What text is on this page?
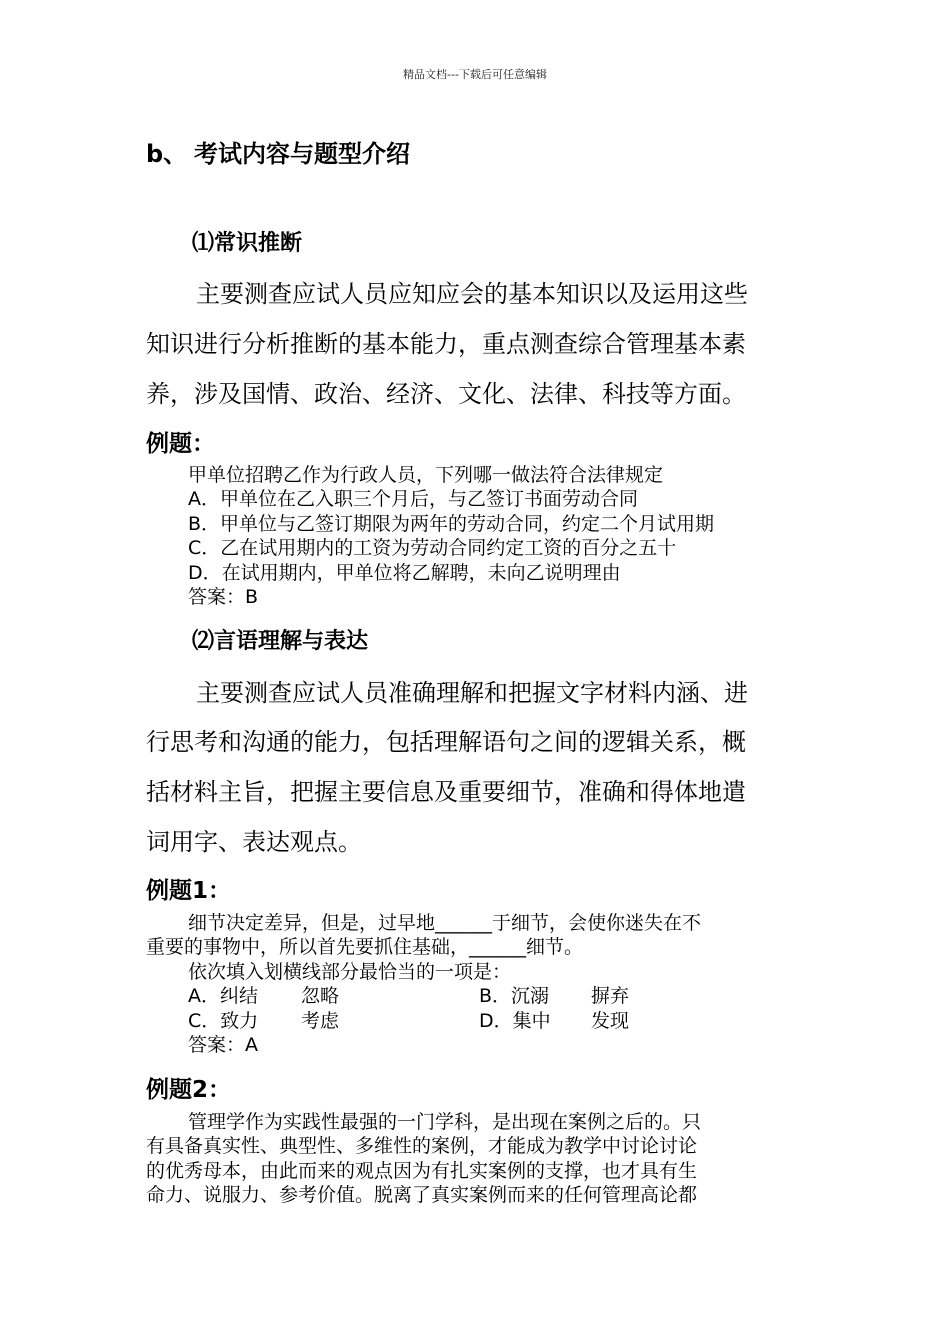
精品文档---下载后可任意编辑
b、 考试内容与题型介绍
⑴常识推断
主要测查应试人员应知应会的基本知识以及运用这些
知识进行分析推断的基本能力，重点测查综合管理基本素
养，涉及国情、政治、经济、文化、法律、科技等方面。
例题：
甲单位招聘乙作为行政人员，下列哪一做法符合法律规定
A．甲单位在乙入职三个月后，与乙签订书面劳动合同
B．甲单位与乙签订期限为两年的劳动合同，约定二个月试用期
C．乙在试用期内的工资为劳动合同约定工资的百分之五十
D．在试用期内，甲单位将乙解聘，未向乙说明理由
答案：B
⑵言语理解与表达
主要测查应试人员准确理解和把握文字材料内涵、进
行思考和沟通的能力，包括理解语句之间的逻辑关系，概
括材料主旨，把握主要信息及重要细节，准确和得体地遣
词用字、表达观点。
例题1：
细节决定差异，但是，过早地______于细节，会使你迷失在不
重要的事物中，所以首先要抓住基础，______细节。
依次填入划横线部分最恰当的一项是：
A．纠结 忽略	B．沉溺 摒弃
C．致力 考虑	D．集中 发现
答案：A
例题2：
管理学作为实践性最强的一门学科，是出现在案例之后的。只
有具备真实性、典型性、多维性的案例，才能成为教学中讨论讨论
的优秀母本，由此而来的观点因为有扎实案例的支撑，也才具有生
命力、说服力、参考价值。脱离了真实案例而来的任何管理高论都
